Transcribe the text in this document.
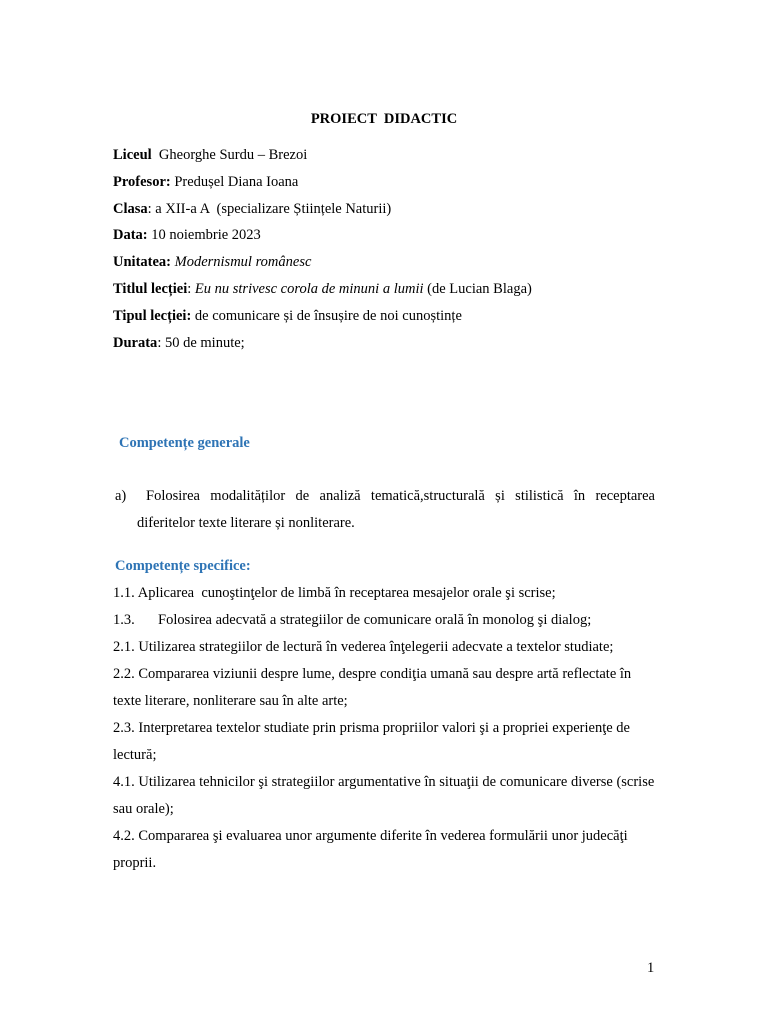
PROIECT  DIDACTIC
Liceul Gheorghe Surdu – Brezoi
Profesor: Predușel Diana Ioana
Clasa: a XII-a A  (specializare Științele Naturii)
Data: 10 noiembrie 2023
Unitatea: Modernismul românesc
Titlul lecției: Eu nu strivesc corola de minuni a lumii (de Lucian Blaga)
Tipul lecției: de comunicare și de însușire de noi cunoștințe
Durata: 50 de minute;
Competențe generale
a)	Folosirea modalităților de analiză tematică,structurală și stilistică în receptarea diferitelor texte literare și nonliterare.
Competențe specifice:

1.1. Aplicarea  cunoştinţelor de limbă în receptarea mesajelor orale şi scrise;

1.3. Folosirea adecvată a strategiilor de comunicare orală în monolog şi dialog;

2.1. Utilizarea strategiilor de lectură în vederea înţelegerii adecvate a textelor studiate;

2.2. Compararea viziunii despre lume, despre condiţia umană sau despre artă reflectate în texte literare, nonliterare sau în alte arte;

2.3. Interpretarea textelor studiate prin prisma propriilor valori şi a propriei experienţe de lectură;

4.1. Utilizarea tehnicilor şi strategiilor argumentative în situaţii de comunicare diverse (scrise sau orale);

4.2. Compararea şi evaluarea unor argumente diferite în vederea formulării unor judecăţi proprii.

1
